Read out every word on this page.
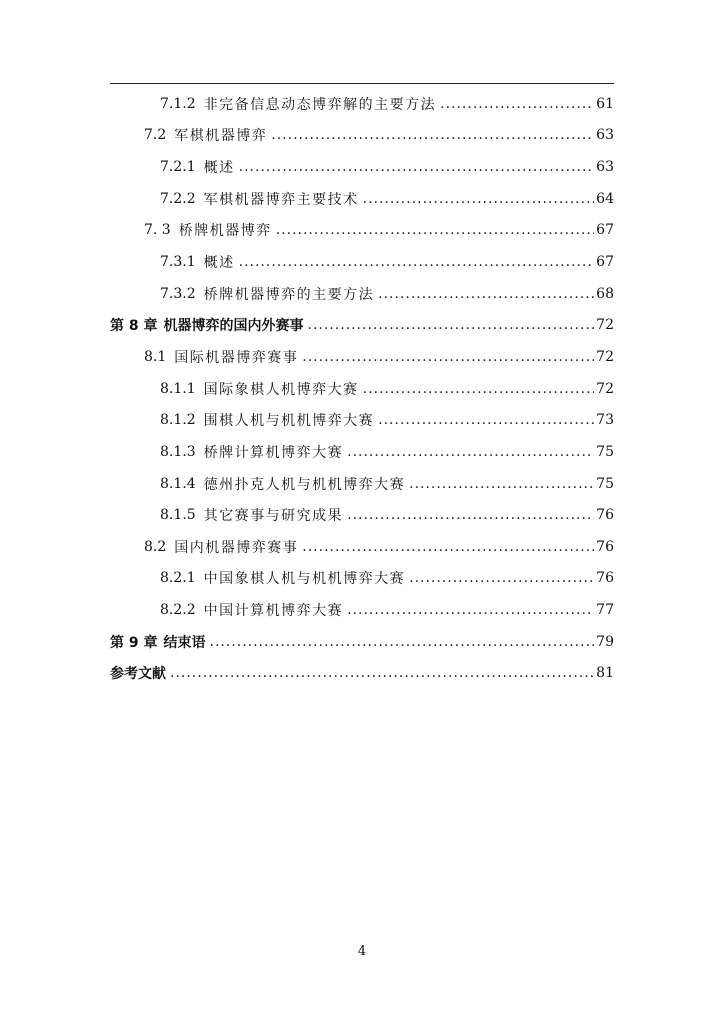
7.1.2 非完备信息动态博弈解的主要方法 .....	61
7.2 军棋机器博弈 .....	63
7.2.1 概述 .....	63
7.2.2 军棋机器博弈主要技术 .....	64
7. 3 桥牌机器博弈 .....	67
7.3.1 概述 .....	67
7.3.2 桥牌机器博弈的主要方法 .....	68
第 8 章 机器博弈的国内外赛事 .....	72
8.1 国际机器博弈赛事 .....	72
8.1.1 国际象棋人机博弈大赛 .....	72
8.1.2 围棋人机与机机博弈大赛 .....	73
8.1.3 桥牌计算机博弈大赛 .....	75
8.1.4 德州扑克人机与机机博弈大赛 .....	75
8.1.5 其它赛事与研究成果 .....	76
8.2 国内机器博弈赛事 .....	76
8.2.1 中国象棋人机与机机博弈大赛 .....	76
8.2.2 中国计算机博弈大赛 .....	77
第 9 章 结束语 .....	79
参考文献 .....	81
4
